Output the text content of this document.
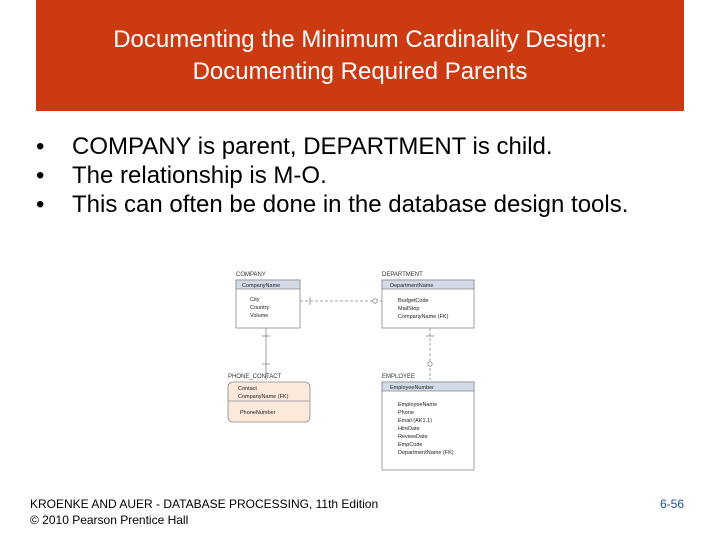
Documenting the Minimum Cardinality Design:
Documenting Required Parents
• COMPANY is parent, DEPARTMENT is child.
• The relationship is M-O.
• This can often be done in the database design tools.
COMPANY
CompanyName
City
Country
Volume
DEPARTMENT
DepartmentName
BudgetCode
MailStop
CompanyName (FK)
PHONE_CONTACT
Contact
CompanyName (FK)
PhoneNumber
EMPLOYEE
EmployeeNumber
EmployeeName
Phone
Email (AK1.1)
HireDate
ReviewDate
EmpCode
DepartmentName (FK)
KROENKE AND AUER - DATABASE PROCESSING, 11th Edition
© 2010 Pearson Prentice Hall
6-56
